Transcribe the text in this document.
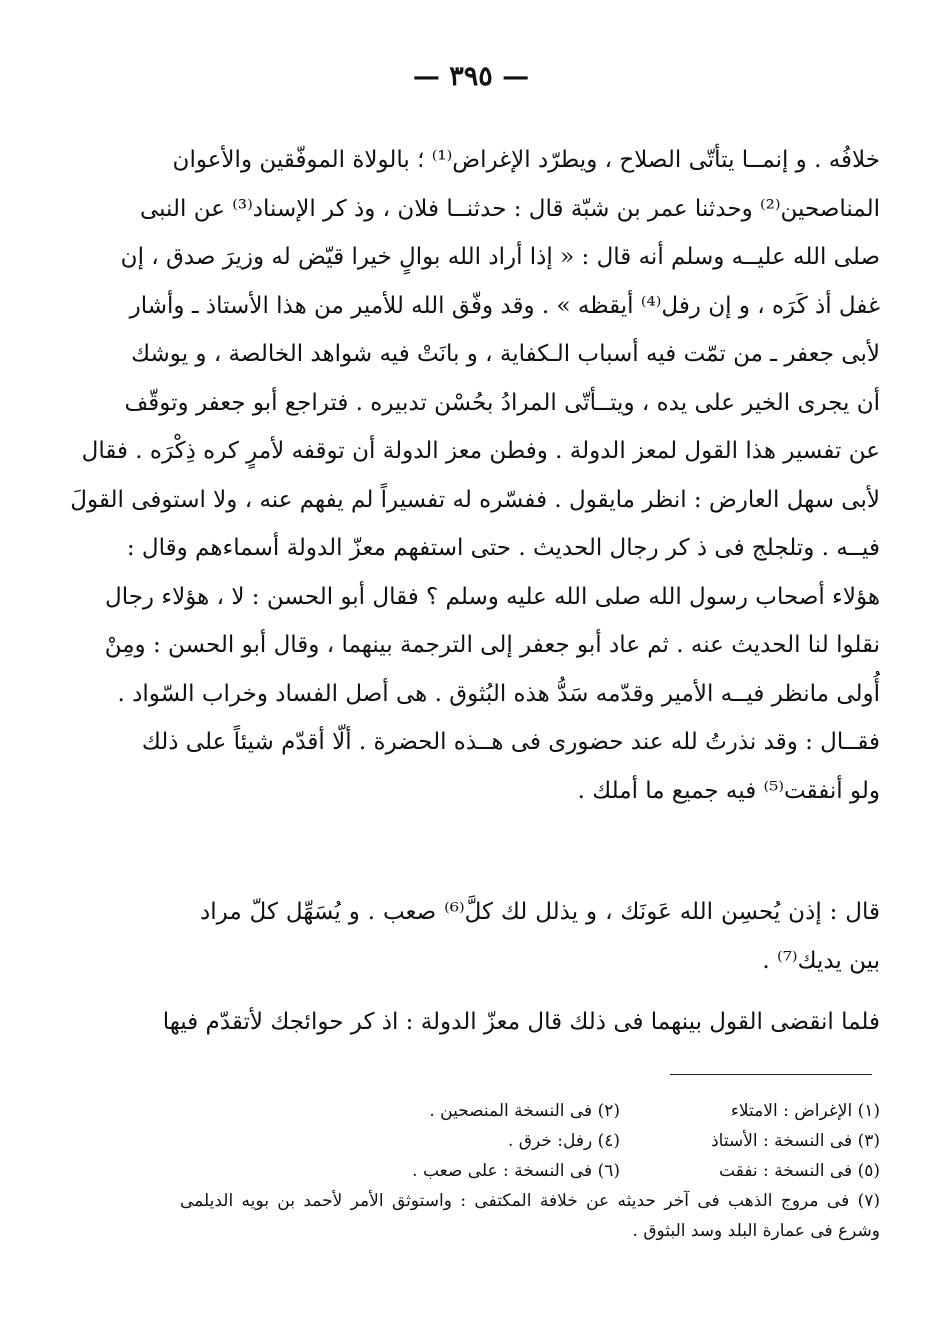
— ٣٩٥ —
خلافُه . و إنمــا يتأتّى الصلاح ، ويطرّد الإغراض⁽¹⁾ ؛ بالولاة الموفّقين والأعوان
المناصحين⁽²⁾ وحدثنا عمر بن شبّة قال : حدثنــا فلان ، وذ كر الإسناد⁽³⁾ عن النبى
صلى الله عليــه وسلم أنه قال : « إذا أراد الله بوالٍ خيرا قيّض له وزيرَ صدق ، إن
غفل أذ كَرَه ، و إن رفل⁽⁴⁾ أيقظه » . وقد وفّق الله للأمير من هذا الأستاذ ـ وأشار
لأبى جعفر ـ من تمّت فيه أسباب الـكفاية ، و بانَتْ فيه شواهد الخالصة ، و يوشك
أن يجرى الخير على يده ، ويتــأتّى المرادُ بحُسْن تدبيره . فتراجع أبو جعفر وتوقّف
عن تفسير هذا القول لمعز الدولة . وفطن معز الدولة أن توقفه لأمرٍ كره ذِكْرَه . فقال
لأبى سهل العارض : انظر مايقول . ففسّره له تفسيراً لم يفهم عنه ، ولا استوفى القولَ
فيــه . وتلجلج فى ذ كر رجال الحديث . حتى استفهم معزّ الدولة أسماءهم وقال :
هؤلاء أصحاب رسول الله صلى الله عليه وسلم ؟ فقال أبو الحسن : لا ، هؤلاء رجال
نقلوا لنا الحديث عنه . ثم عاد أبو جعفر إلى الترجمة بينهما ، وقال أبو الحسن : ومِنْ
أُولى مانظر فيــه الأمير وقدّمه سَدُّ هذه البُثوق . هى أصل الفساد وخراب السّواد .
فقــال : وقد نذرتُ لله عند حضورى فى هــذه الحضرة . ألّا أقدّم شيئاً على ذلك
ولو أنفقت⁽⁵⁾ فيه جميع ما أملك .
قال : إذن يُحسِن الله عَونَك ، و يذلل لك كلَّ⁽⁶⁾ صعب . و يُسَهِّل كلّ مراد
بين يديك⁽⁷⁾ .
فلما انقضى القول بينهما فى ذلك قال معزّ الدولة : اذ كر حوائجك لأتقدّم فيها
(١) الإغراض : الامتلاء
(٢) فى النسخة المنصحين .
(٣) فى النسخة : الأستاذ
(٤) رفل: خرق .
(٥) فى النسخة : نفقت
(٦) فى النسخة : على صعب .
(٧) فى مروج الذهب فى آخر حديثه عن خلافة المكتفى : واستوثق الأمر لأحمد بن بويه الديلمى
وشرع فى عمارة البلد وسد البثوق .
